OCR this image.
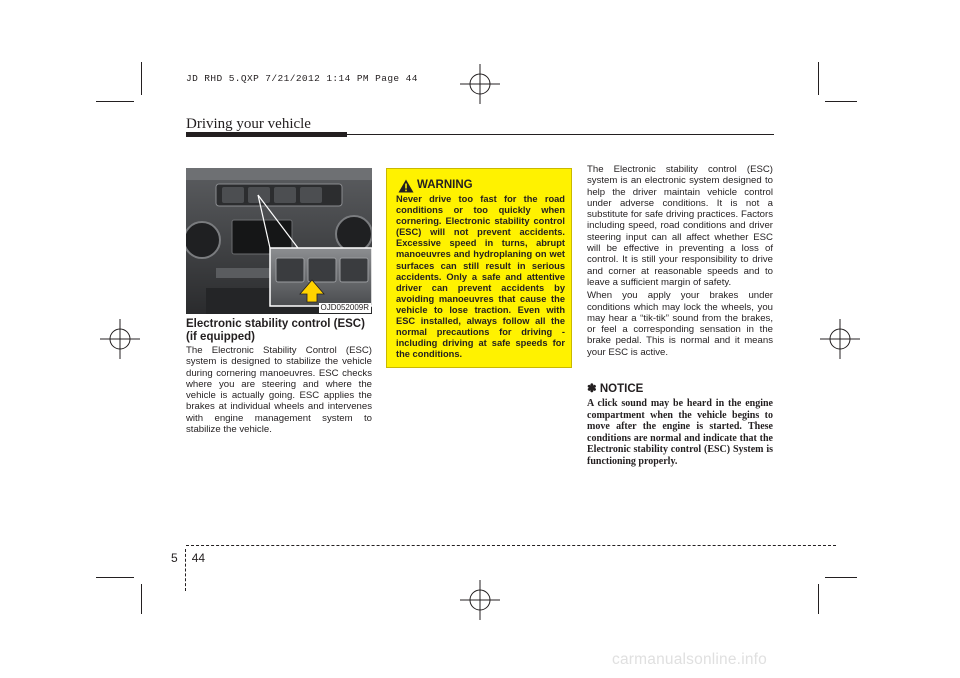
JD RHD 5.QXP 7/21/2012 1:14 PM Page 44
Driving your vehicle
OJD052009R
Electronic stability control (ESC) (if equipped)

The Electronic Stability Control (ESC) system is designed to stabilize the vehicle during cornering manoeuvres. ESC checks where you are steering and where the vehicle is actually going. ESC applies the brakes at individual wheels and intervenes with engine management system to stabilize the vehicle.

WARNING

Never drive too fast for the road conditions or too quickly when cornering. Electronic stability control (ESC) will not prevent accidents. Excessive speed in turns, abrupt manoeuvres and hydroplaning on wet surfaces can still result in serious accidents. Only a safe and attentive driver can prevent accidents by avoiding manoeuvres that cause the vehicle to lose traction. Even with ESC installed, always follow all the normal precautions for driving - including driving at safe speeds for the conditions.

The Electronic stability control (ESC) system is an electronic system designed to help the driver maintain vehicle control under adverse conditions. It is not a substitute for safe driving practices. Factors including speed, road conditions and driver steering input can all affect whether ESC will be effective in preventing a loss of control. It is still your responsibility to drive and corner at reasonable speeds and to leave a sufficient margin of safety.

When you apply your brakes under conditions which may lock the wheels, you may hear a “tik-tik” sound from the brakes, or feel a corresponding sensation in the brake pedal. This is normal and it means your ESC is active.

✽ NOTICE

A click sound may be heard in the engine compartment when the vehicle begins to move after the engine is started. These conditions are normal and indicate that the Electronic stability control (ESC) System is functioning properly.

5 44
carmanualsonline.info
